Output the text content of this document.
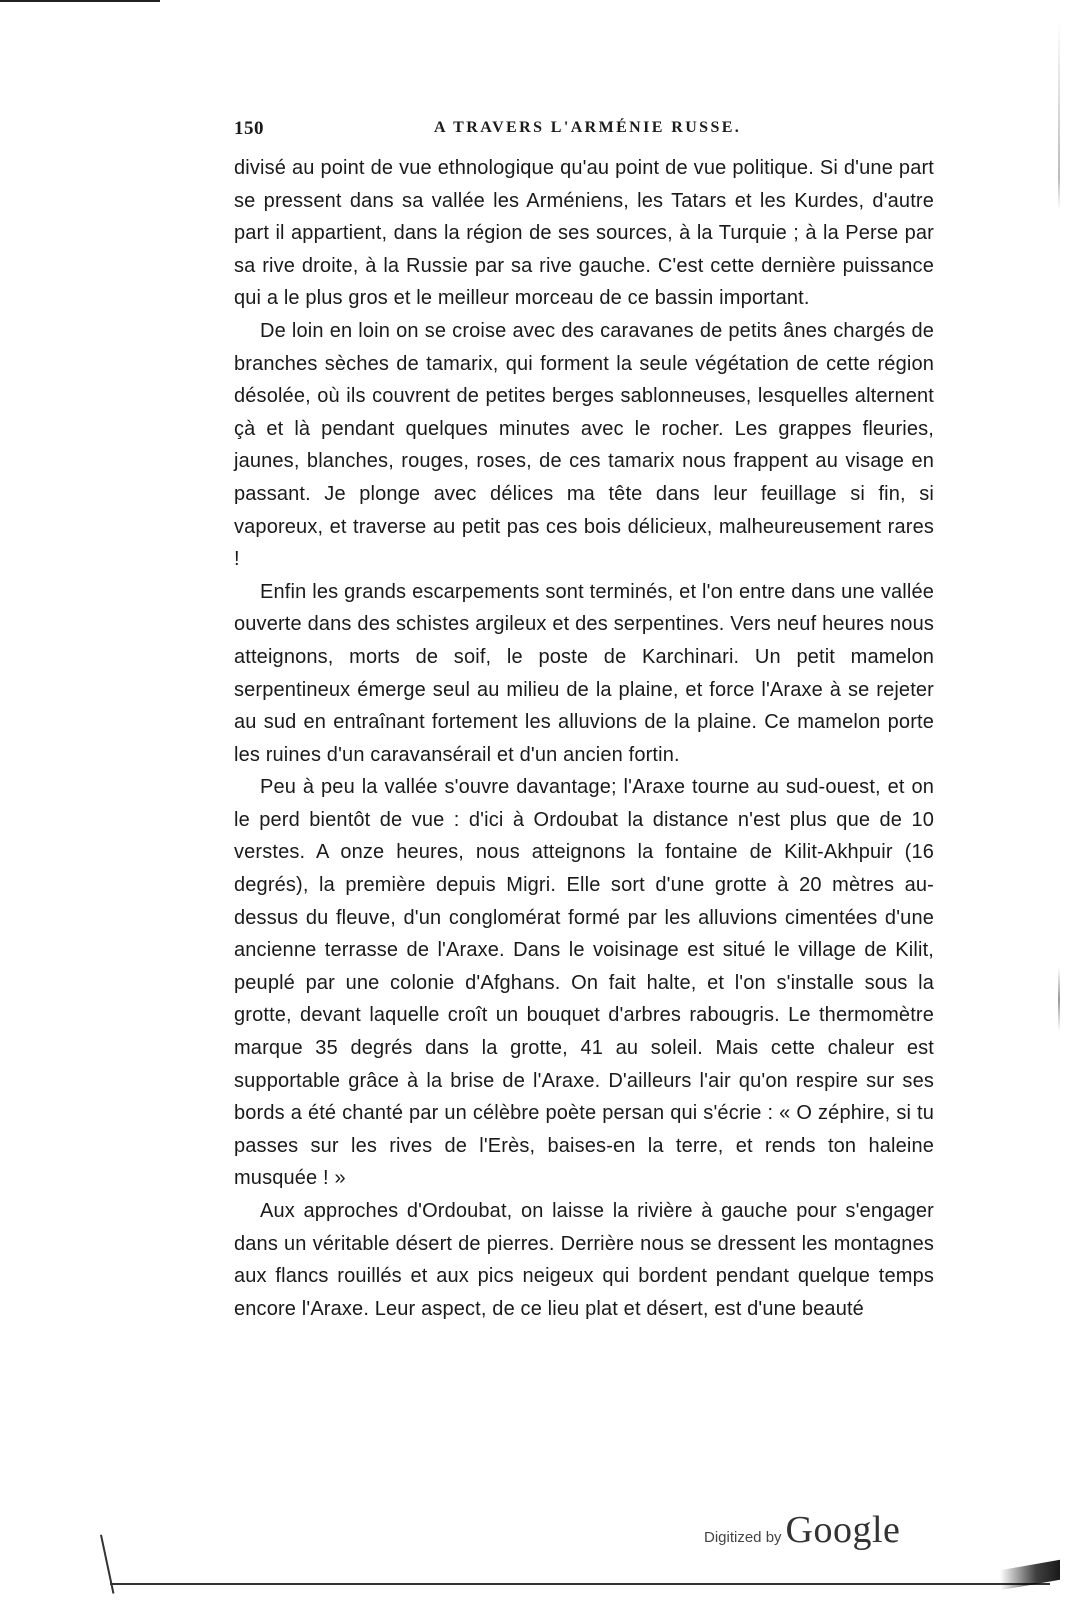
150	A TRAVERS L'ARMÉNIE RUSSE.

divisé au point de vue ethnologique qu'au point de vue politique. Si d'une part se pressent dans sa vallée les Arméniens, les Tatars et les Kurdes, d'autre part il appartient, dans la région de ses sources, à la Turquie ; à la Perse par sa rive droite, à la Russie par sa rive gauche. C'est cette dernière puissance qui a le plus gros et le meilleur morceau de ce bassin important.

De loin en loin on se croise avec des caravanes de petits ânes chargés de branches sèches de tamarix, qui forment la seule végétation de cette région désolée, où ils couvrent de petites berges sablonneuses, lesquelles alternent çà et là pendant quelques minutes avec le rocher. Les grappes fleuries, jaunes, blanches, rouges, roses, de ces tamarix nous frappent au visage en passant. Je plonge avec délices ma tête dans leur feuillage si fin, si vaporeux, et traverse au petit pas ces bois délicieux, malheureusement rares !

Enfin les grands escarpements sont terminés, et l'on entre dans une vallée ouverte dans des schistes argileux et des serpentines. Vers neuf heures nous atteignons, morts de soif, le poste de Karchinari. Un petit mamelon serpentineux émerge seul au milieu de la plaine, et force l'Araxe à se rejeter au sud en entraînant fortement les alluvions de la plaine. Ce mamelon porte les ruines d'un caravansérail et d'un ancien fortin.

Peu à peu la vallée s'ouvre davantage; l'Araxe tourne au sud-ouest, et on le perd bientôt de vue : d'ici à Ordoubat la distance n'est plus que de 10 verstes. A onze heures, nous atteignons la fontaine de Kilit-Akhpuir (16 degrés), la première depuis Migri. Elle sort d'une grotte à 20 mètres au-dessus du fleuve, d'un conglomérat formé par les alluvions cimentées d'une ancienne terrasse de l'Araxe. Dans le voisinage est situé le village de Kilit, peuplé par une colonie d'Afghans. On fait halte, et l'on s'installe sous la grotte, devant laquelle croît un bouquet d'arbres rabougris. Le thermomètre marque 35 degrés dans la grotte, 41 au soleil. Mais cette chaleur est supportable grâce à la brise de l'Araxe. D'ailleurs l'air qu'on respire sur ses bords a été chanté par un célèbre poète persan qui s'écrie : « O zéphire, si tu passes sur les rives de l'Erès, baises-en la terre, et rends ton haleine musquée ! »

Aux approches d'Ordoubat, on laisse la rivière à gauche pour s'engager dans un véritable désert de pierres. Derrière nous se dressent les montagnes aux flancs rouillés et aux pics neigeux qui bordent pendant quelque temps encore l'Araxe. Leur aspect, de ce lieu plat et désert, est d'une beauté

Digitized by Google
